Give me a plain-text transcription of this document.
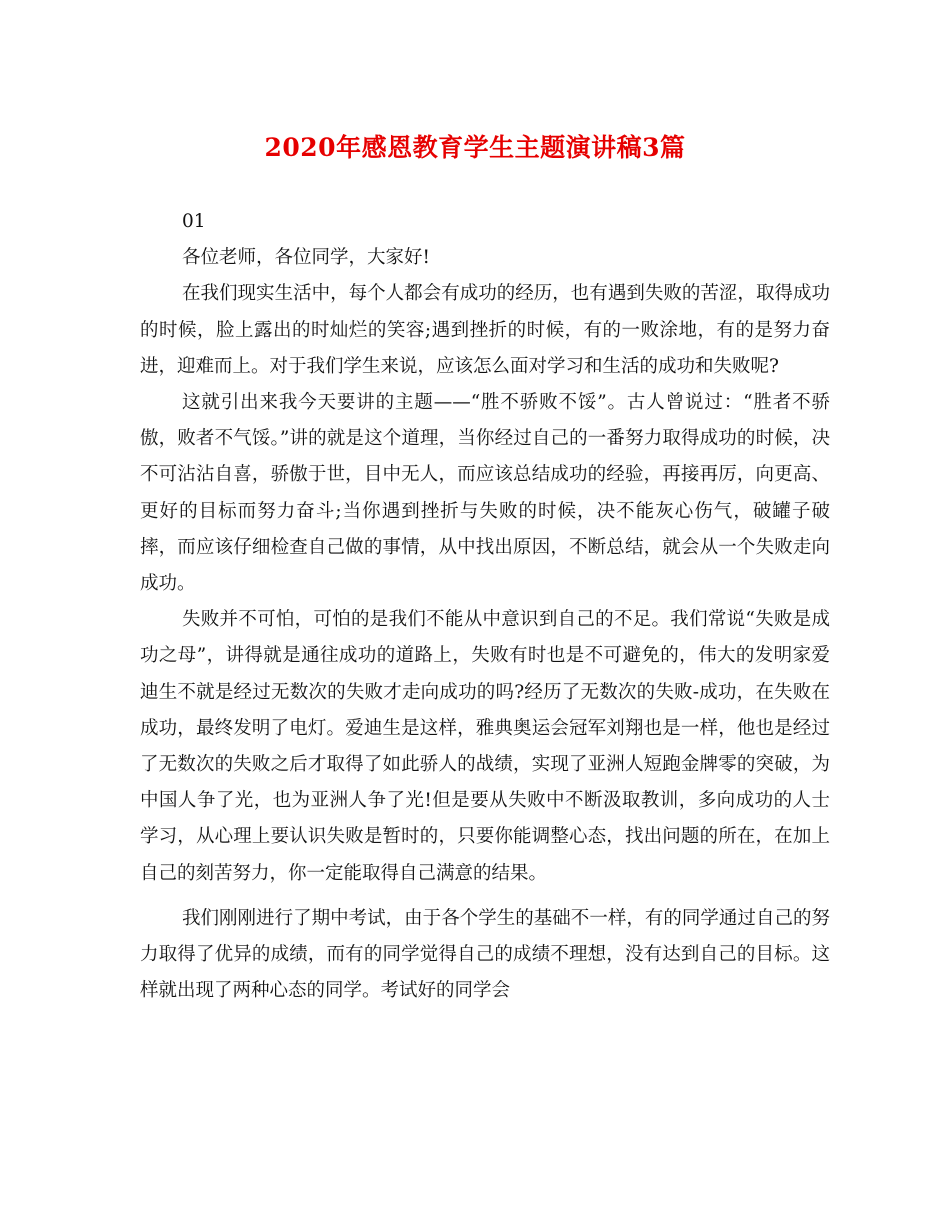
2020年感恩教育学生主题演讲稿3篇

01

各位老师，各位同学，大家好!

在我们现实生活中，每个人都会有成功的经历，也有遇到失败的苦涩，取得成功的时候，脸上露出的时灿烂的笑容;遇到挫折的时候，有的一败涂地，有的是努力奋进，迎难而上。对于我们学生来说，应该怎么面对学习和生活的成功和失败呢?

这就引出来我今天要讲的主题——“胜不骄败不馁”。古人曾说过：“胜者不骄傲，败者不气馁。”讲的就是这个道理，当你经过自己的一番努力取得成功的时候，决不可沾沾自喜，骄傲于世，目中无人，而应该总结成功的经验，再接再厉，向更高、更好的目标而努力奋斗;当你遇到挫折与失败的时候，决不能灰心伤气，破罐子破摔，而应该仔细检查自己做的事情，从中找出原因，不断总结，就会从一个失败走向成功。

失败并不可怕，可怕的是我们不能从中意识到自己的不足。我们常说“失败是成功之母”，讲得就是通往成功的道路上，失败有时也是不可避免的，伟大的发明家爱迪生不就是经过无数次的失败才走向成功的吗?经历了无数次的失败-成功，在失败在成功，最终发明了电灯。爱迪生是这样，雅典奥运会冠军刘翔也是一样，他也是经过了无数次的失败之后才取得了如此骄人的战绩，实现了亚洲人短跑金牌零的突破，为中国人争了光，也为亚洲人争了光!但是要从失败中不断汲取教训，多向成功的人士学习，从心理上要认识失败是暂时的，只要你能调整心态，找出问题的所在，在加上自己的刻苦努力，你一定能取得自己满意的结果。

我们刚刚进行了期中考试，由于各个学生的基础不一样，有的同学通过自己的努力取得了优异的成绩，而有的同学觉得自己的成绩不理想，没有达到自己的目标。这样就出现了两种心态的同学。考试好的同学会
